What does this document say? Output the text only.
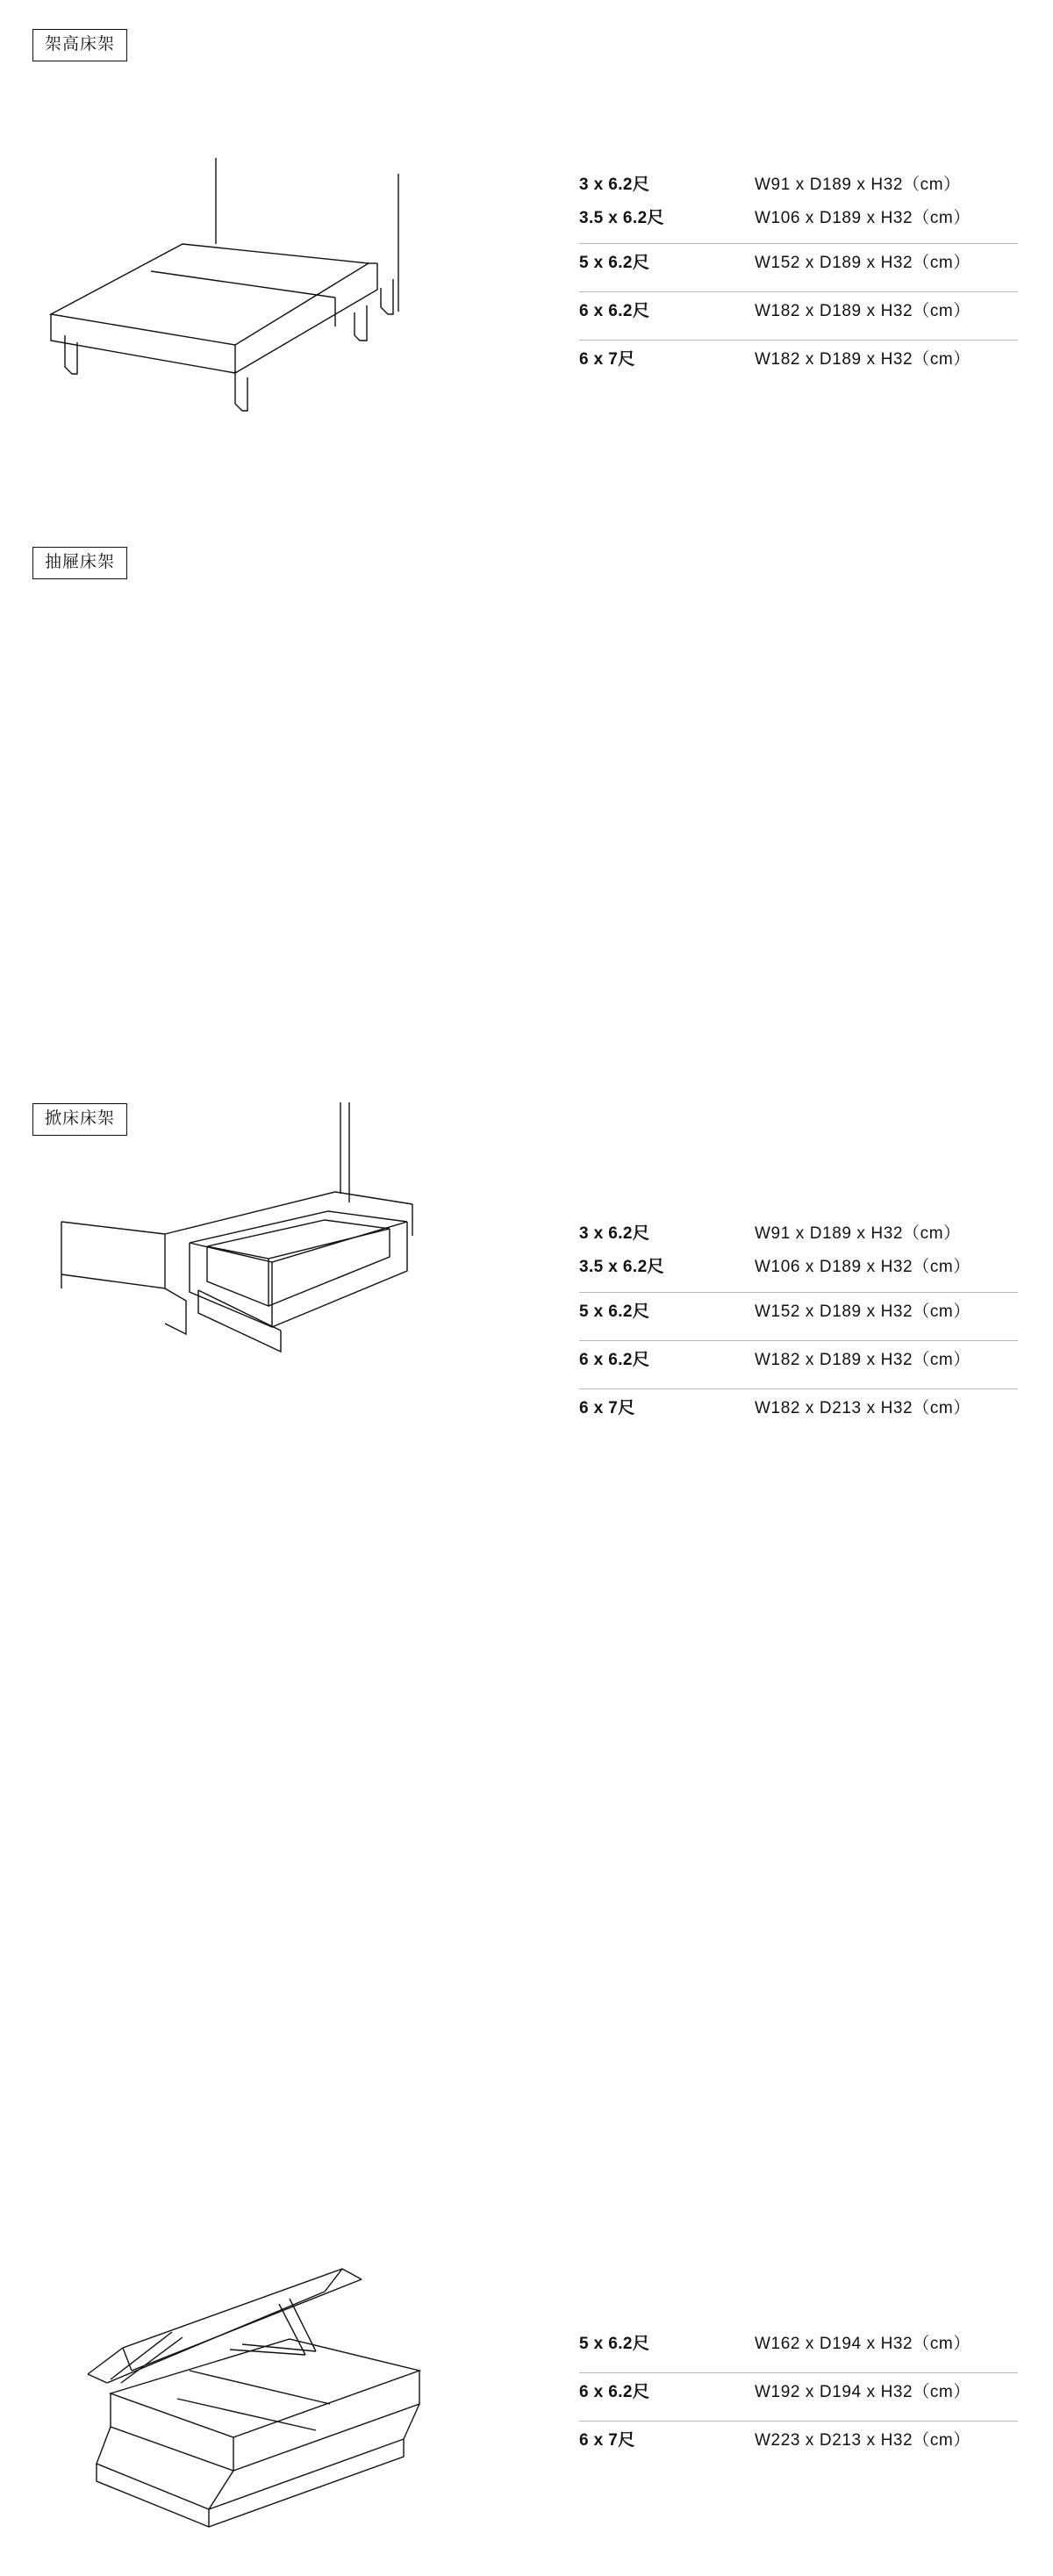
架高床架
3 x 6.2尺	W91 x D189 x H32（cm）
3.5 x 6.2尺	W106 x D189 x H32（cm）
5 x 6.2尺	W152 x D189 x H32（cm）
6 x 6.2尺	W182 x D189 x H32（cm）
6 x 7尺	W182 x D189 x H32（cm）
抽屜床架
3 x 6.2尺	W91 x D189 x H32（cm）
3.5 x 6.2尺	W106 x D189 x H32（cm）
5 x 6.2尺	W152 x D189 x H32（cm）
6 x 6.2尺	W182 x D189 x H32（cm）
6 x 7尺	W182 x D213 x H32（cm）
掀床床架
5 x 6.2尺	W162 x D194 x H32（cm）
6 x 6.2尺	W192 x D194 x H32（cm）
6 x 7尺	W223 x D213 x H32（cm）
